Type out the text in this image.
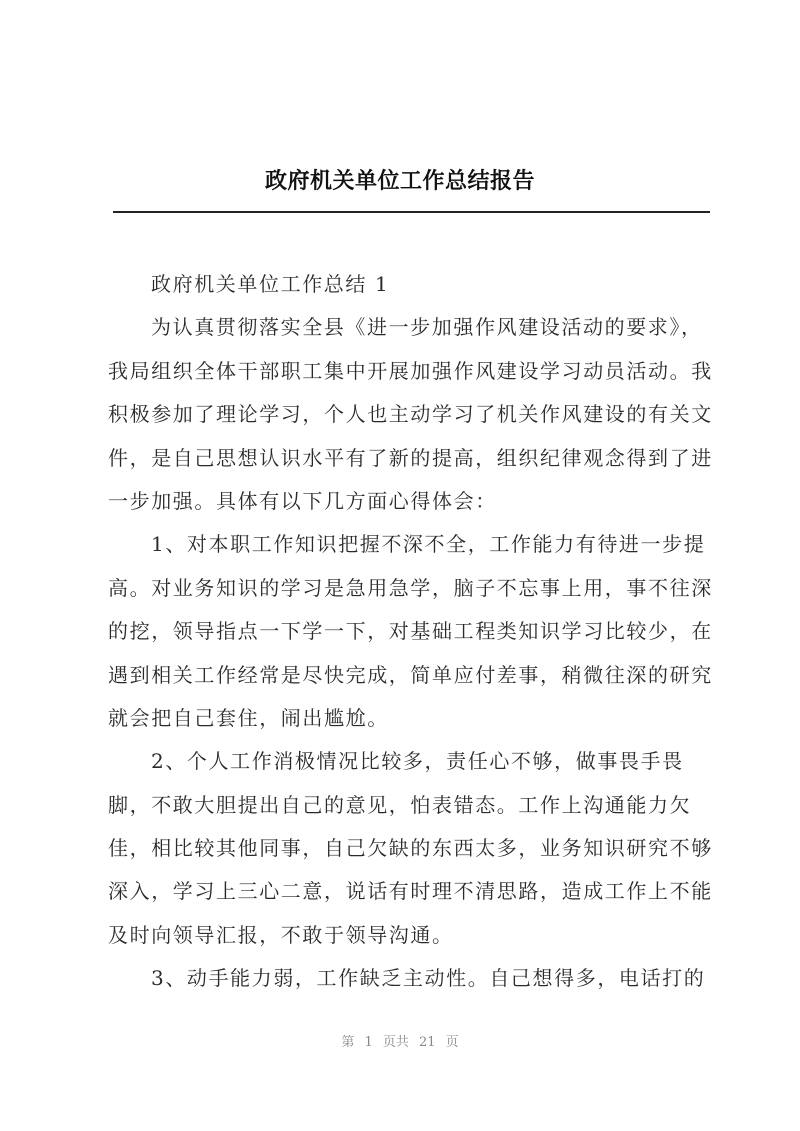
政府机关单位工作总结报告
政府机关单位工作总结 1
为认真贯彻落实全县《进一步加强作风建设活动的要求》，
我局组织全体干部职工集中开展加强作风建设学习动员活动。我
积极参加了理论学习，个人也主动学习了机关作风建设的有关文
件，是自己思想认识水平有了新的提高，组织纪律观念得到了进
一步加强。具体有以下几方面心得体会：
1、对本职工作知识把握不深不全，工作能力有待进一步提
高。对业务知识的学习是急用急学，脑子不忘事上用，事不往深
的挖，领导指点一下学一下，对基础工程类知识学习比较少，在
遇到相关工作经常是尽快完成，简单应付差事，稍微往深的研究
就会把自己套住，闹出尴尬。
2、个人工作消极情况比较多，责任心不够，做事畏手畏
脚，不敢大胆提出自己的意见，怕表错态。工作上沟通能力欠
佳，相比较其他同事，自己欠缺的东西太多，业务知识研究不够
深入，学习上三心二意，说话有时理不清思路，造成工作上不能
及时向领导汇报，不敢于领导沟通。
3、动手能力弱，工作缺乏主动性。自己想得多，电话打的
第 1 页共 21 页
